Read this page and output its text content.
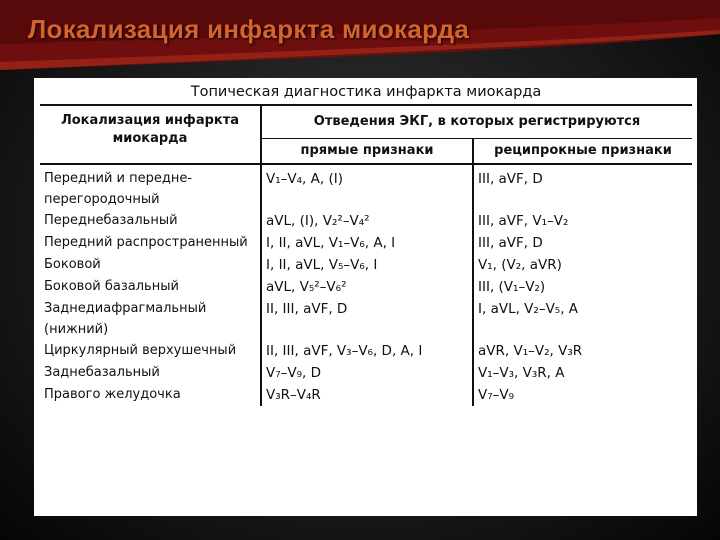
Локализация инфаркта миокарда
Топическая диагностика инфаркта миокарда		
Локализация инфаркта миокарда	Отведения ЭКГ, в которых регистрируются	
	прямые признаки	реципрокные признаки
Передний и передне-перегородочный	V₁–V₄, A, (I)	III, aVF, D
Переднебазальный	aVL, (I), V₂²–V₄²	III, aVF, V₁–V₂
Передний распространенный	I, II, aVL, V₁–V₆, A, I	III, aVF, D
Боковой	I, II, aVL, V₅–V₆, I	V₁, (V₂, aVR)
Боковой базальный	aVL, V₅²–V₆²	III, (V₁–V₂)
Заднедиафрагмальный (нижний)	II, III, aVF, D	I, aVL, V₂–V₅, A
Циркулярный верхушечный	II, III, aVF, V₃–V₆, D, A, I	aVR, V₁–V₂, V₃R
Заднебазальный	V₇–V₉, D	V₁–V₃, V₃R, A
Правого желудочка	V₃R–V₄R	V₇–V₉
